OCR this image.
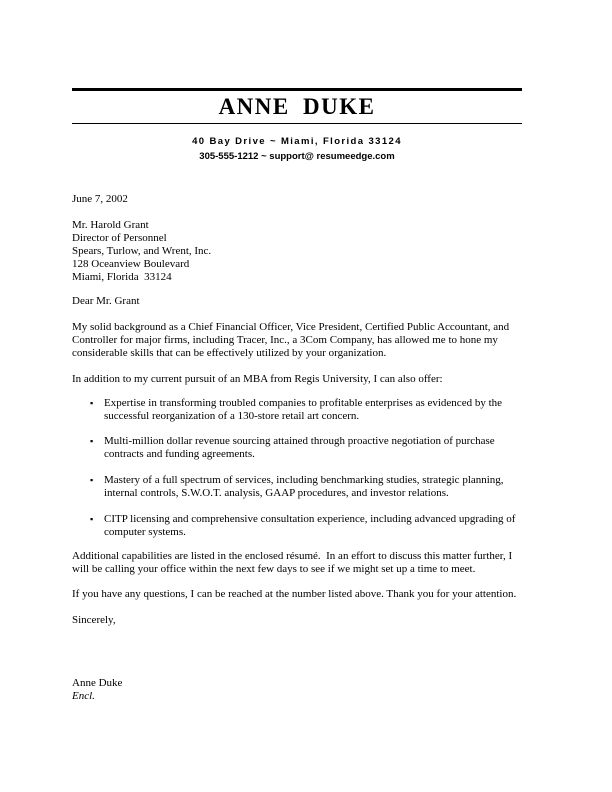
ANNE DUKE
40 Bay Drive ~ Miami, Florida 33124
305-555-1212 ~ support@ resumeedge.com
June 7, 2002
Mr. Harold Grant
Director of Personnel
Spears, Turlow, and Wrent, Inc.
128 Oceanview Boulevard
Miami, Florida  33124
Dear Mr. Grant
My solid background as a Chief Financial Officer, Vice President, Certified Public Accountant, and Controller for major firms, including Tracer, Inc., a 3Com Company, has allowed me to hone my considerable skills that can be effectively utilized by your organization.
In addition to my current pursuit of an MBA from Regis University, I can also offer:
▪ Expertise in transforming troubled companies to profitable enterprises as evidenced by the successful reorganization of a 130-store retail art concern.
▪ Multi-million dollar revenue sourcing attained through proactive negotiation of purchase contracts and funding agreements.
▪ Mastery of a full spectrum of services, including benchmarking studies, strategic planning, internal controls, S.W.O.T. analysis, GAAP procedures, and investor relations.
▪ CITP licensing and comprehensive consultation experience, including advanced upgrading of computer systems.
Additional capabilities are listed in the enclosed résumé.  In an effort to discuss this matter further, I will be calling your office within the next few days to see if we might set up a time to meet.
If you have any questions, I can be reached at the number listed above. Thank you for your attention.
Sincerely,
Anne Duke
Encl.
